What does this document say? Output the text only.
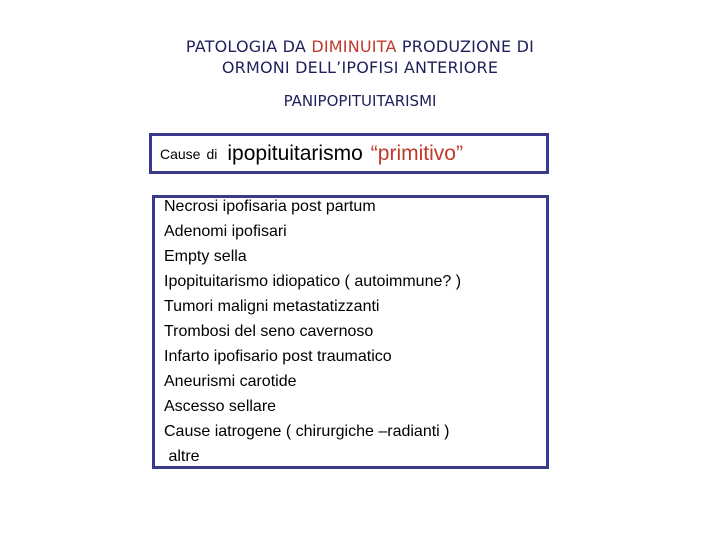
PATOLOGIA DA DIMINUITA PRODUZIONE DI
ORMONI DELL’IPOFISI ANTERIORE
PANIPOPITUITARISMI
Cause di ipopituitarismo “primitivo”
Necrosi ipofisaria post partum
Adenomi ipofisari
Empty sella
Ipopituitarismo idiopatico ( autoimmune? )
Tumori maligni metastatizzanti
Trombosi del seno cavernoso
Infarto ipofisario post traumatico
Aneurismi carotide
Ascesso sellare
Cause iatrogene ( chirurgiche –radianti )
altre
